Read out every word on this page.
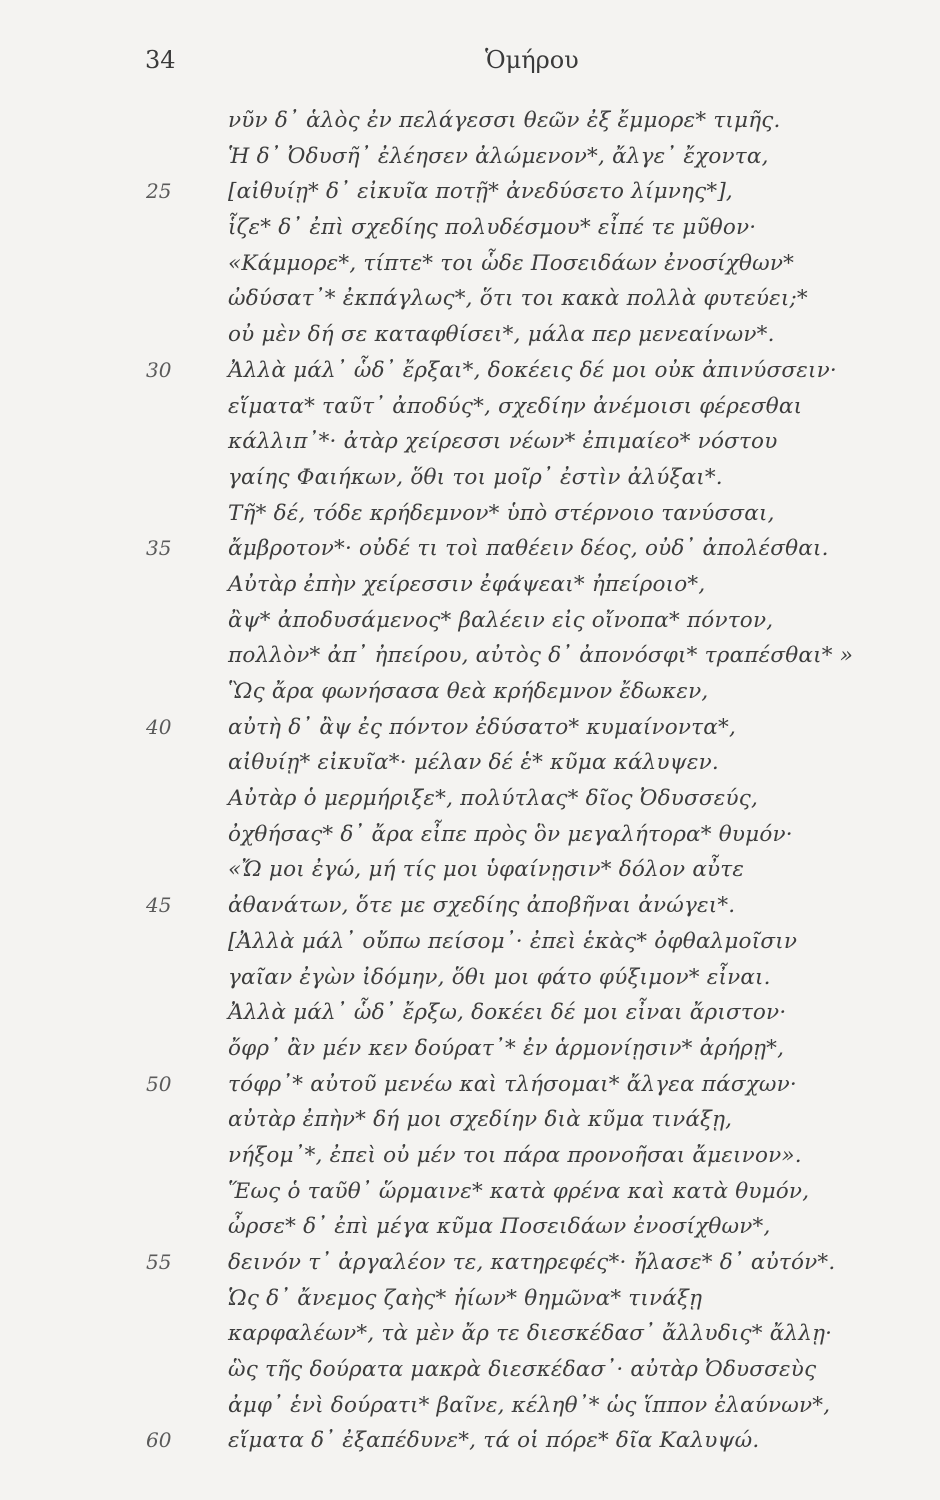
34	Ὁμήρου
νῦν δ᾽ ἁλὸς ἐν πελάγεσσι θεῶν ἐξ ἔμμορε* τιμῆς.
Ἡ δ᾽ Ὀδυσῆ᾽ ἐλέησεν ἀλώμενον*, ἄλγε᾽ ἔχοντα,
25	[αἰθυίῃ* δ᾽ εἰκυῖα ποτῇ* ἀνεδύσετο λίμνης*],
ἷζε* δ᾽ ἐπὶ σχεδίης πολυδέσμου* εἶπέ τε μῦθον·
«Κάμμορε*, τίπτε* τοι ὧδε Ποσειδάων ἐνοσίχθων*
ὠδύσατ᾽* ἐκπάγλως*, ὅτι τοι κακὰ πολλὰ φυτεύει;*
οὐ μὲν δή σε καταφθίσει*, μάλα περ μενεαίνων*.
30	Ἀλλὰ μάλ᾽ ὧδ᾽ ἔρξαι*, δοκέεις δέ μοι οὐκ ἀπινύσσειν·
εἵματα* ταῦτ᾽ ἀποδύς*, σχεδίην ἀνέμοισι φέρεσθαι
κάλλιπ᾽*· ἀτὰρ χείρεσσι νέων* ἐπιμαίεο* νόστου
γαίης Φαιήκων, ὅθι τοι μοῖρ᾽ ἐστὶν ἀλύξαι*.
Τῆ* δέ, τόδε κρήδεμνον* ὑπὸ στέρνοιο τανύσσαι,
35	ἄμβροτον*· οὐδέ τι τοὶ παθέειν δέος, οὐδ᾽ ἀπολέσθαι.
Αὐτὰρ ἐπὴν χείρεσσιν ἐφάψεαι* ἠπείροιο*,
ἂψ* ἀποδυσάμενος* βαλέειν εἰς οἴνοπα* πόντον,
πολλὸν* ἀπ᾽ ἠπείρου, αὐτὸς δ᾽ ἀπονόσφι* τραπέσθαι* »
Ὣς ἄρα φωνήσασα θεὰ κρήδεμνον ἔδωκεν,
40	αὐτὴ δ᾽ ἂψ ἐς πόντον ἐδύσατο* κυμαίνοντα*,
αἰθυίῃ* εἰκυῖα*· μέλαν δέ ἑ* κῦμα κάλυψεν.
Αὐτὰρ ὁ μερμήριξε*, πολύτλας* δῖος Ὀδυσσεύς,
ὀχθήσας* δ᾽ ἄρα εἶπε πρὸς ὃν μεγαλήτορα* θυμόν·
«Ὤ μοι ἐγώ, μή τίς μοι ὑφαίνῃσιν* δόλον αὖτε
45	ἀθανάτων, ὅτε με σχεδίης ἀποβῆναι ἀνώγει*.
[Ἀλλὰ μάλ᾽ οὔπω πείσομ᾽· ἐπεὶ ἑκὰς* ὀφθαλμοῖσιν
γαῖαν ἐγὼν ἰδόμην, ὅθι μοι φάτο φύξιμον* εἶναι.
Ἀλλὰ μάλ᾽ ὧδ᾽ ἔρξω, δοκέει δέ μοι εἶναι ἄριστον·
ὄφρ᾽ ἂν μέν κεν δούρατ᾽* ἐν ἁρμονίῃσιν* ἀρήρῃ*,
50	τόφρ᾽* αὐτοῦ μενέω καὶ τλήσομαι* ἄλγεα πάσχων·
αὐτὰρ ἐπὴν* δή μοι σχεδίην διὰ κῦμα τινάξῃ,
νήξομ᾽*, ἐπεὶ οὐ μέν τοι πάρα προνοῆσαι ἄμεινον».
Ἕως ὁ ταῦθ᾽ ὥρμαινε* κατὰ φρένα καὶ κατὰ θυμόν,
ὦρσε* δ᾽ ἐπὶ μέγα κῦμα Ποσειδάων ἐνοσίχθων*,
55	δεινόν τ᾽ ἀργαλέον τε, κατηρεφές*· ἤλασε* δ᾽ αὐτόν*.
Ὡς δ᾽ ἄνεμος ζαὴς* ἠίων* θημῶνα* τινάξῃ
καρφαλέων*, τὰ μὲν ἄρ τε διεσκέδασ᾽ ἄλλυδις* ἄλλῃ·
ὣς τῆς δούρατα μακρὰ διεσκέδασ᾽· αὐτὰρ Ὀδυσσεὺς
ἀμφ᾽ ἑνὶ δούρατι* βαῖνε, κέληθ᾽* ὡς ἵππον ἐλαύνων*,
60	εἵματα δ᾽ ἐξαπέδυνε*, τά οἱ πόρε* δῖα Καλυψώ.
